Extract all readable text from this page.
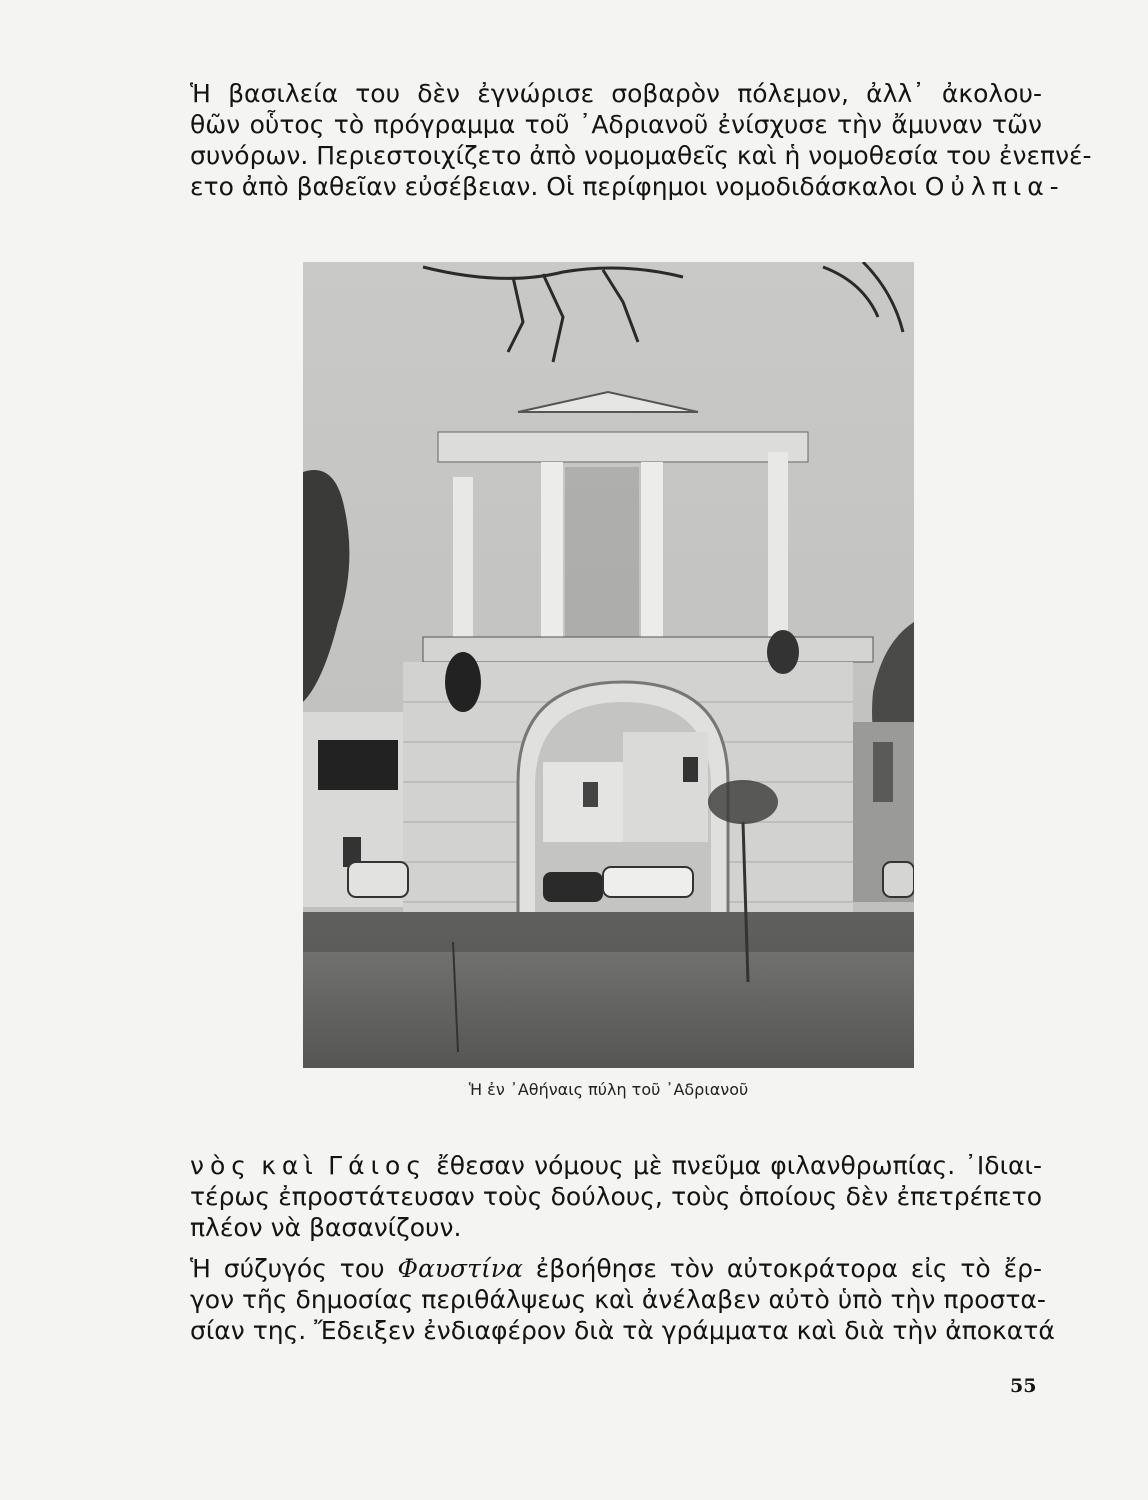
Ἡ βασιλεία του δὲν ἐγνώρισε σοβαρὸν πόλεμον, ἀλλ᾽ ἀκολου-
θῶν οὗτος τὸ πρόγραμμα τοῦ ᾿Αδριανοῦ ἐνίσχυσε τὴν ἄμυναν τῶν
συνόρων. Περιεστοιχίζετο ἀπὸ νομομαθεῖς καὶ ἡ νομοθεσία του ἐνεπνέ-
ετο ἀπὸ βαθεῖαν εὐσέβειαν. Οἱ περίφημοι νομοδιδάσκαλοι Οὐλπια-

Ἡ ἐν ᾿Αθήναις πύλη τοῦ ᾿Αδριανοῦ

νὸς καὶ Γάιος ἔθεσαν νόμους μὲ πνεῦμα φιλανθρωπίας. ᾿Ιδιαι-
τέρως ἐπροστάτευσαν τοὺς δούλους, τοὺς ὁποίους δὲν ἐπετρέπετο
πλέον νὰ βασανίζουν.

Ἡ σύζυγός του Φαυστίνα ἐβοήθησε τὸν αὐτοκράτορα εἰς τὸ ἔρ-
γον τῆς δημοσίας περιθάλψεως καὶ ἀνέλαβεν αὐτὸ ὑπὸ τὴν προστα-
σίαν της. Ἔδειξεν ἐνδιαφέρον διὰ τὰ γράμματα καὶ διὰ τὴν ἀποκατά

55
